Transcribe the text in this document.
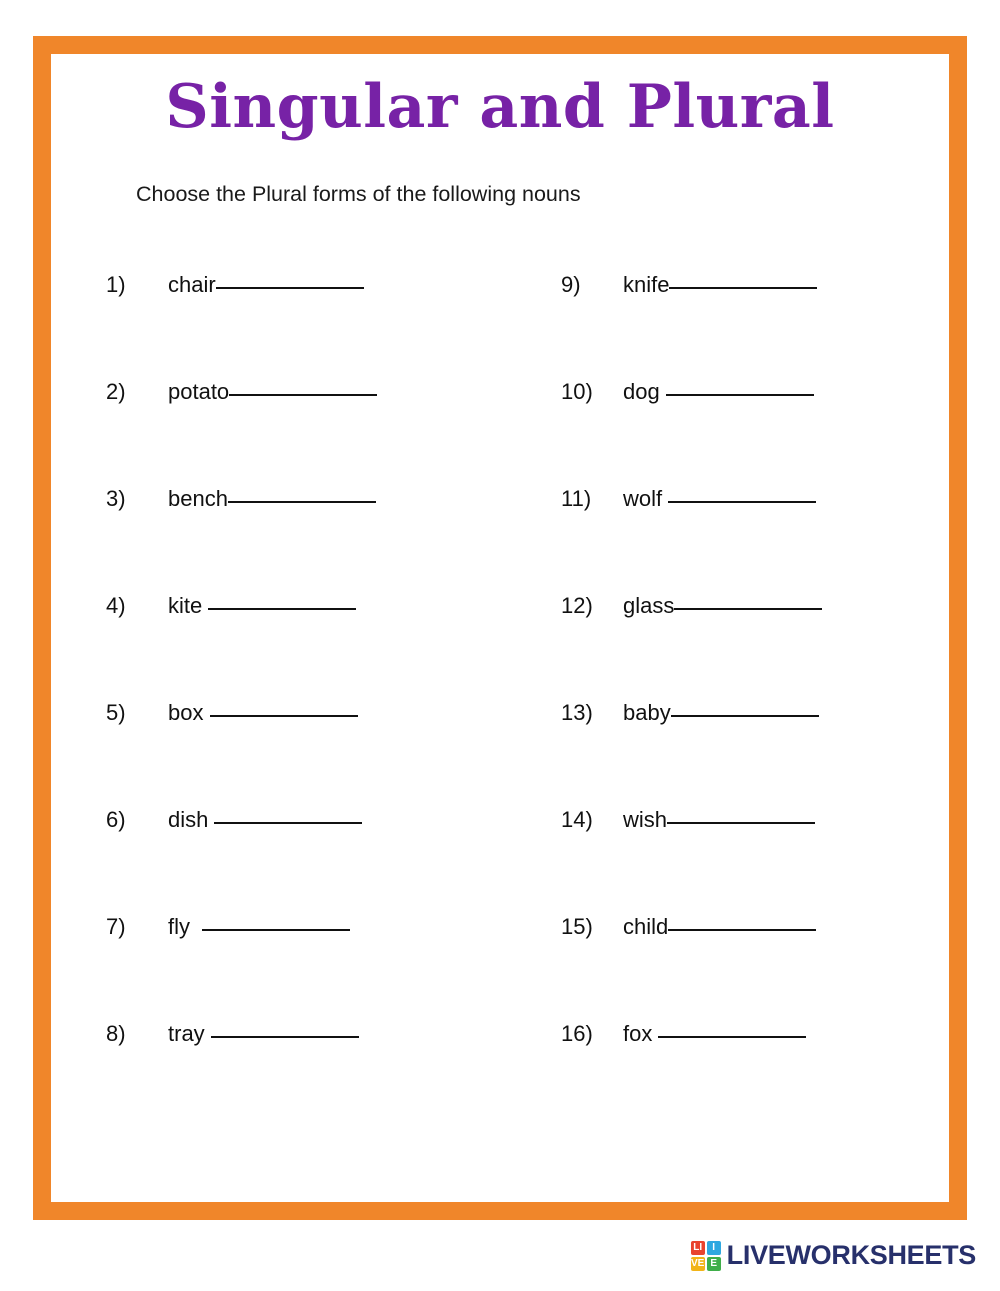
Singular and Plural
Choose the Plural forms of the following nouns
1)	chair
2)	potato
3)	bench
4)	kite
5)	box
6)	dish
7)	fly
8)	tray
9)	knife
10)	dog
11)	wolf
12)	glass
13)	baby
14)	wish
15)	child
16)	fox
LI	I
VE E LIVEWORKSHEETS
